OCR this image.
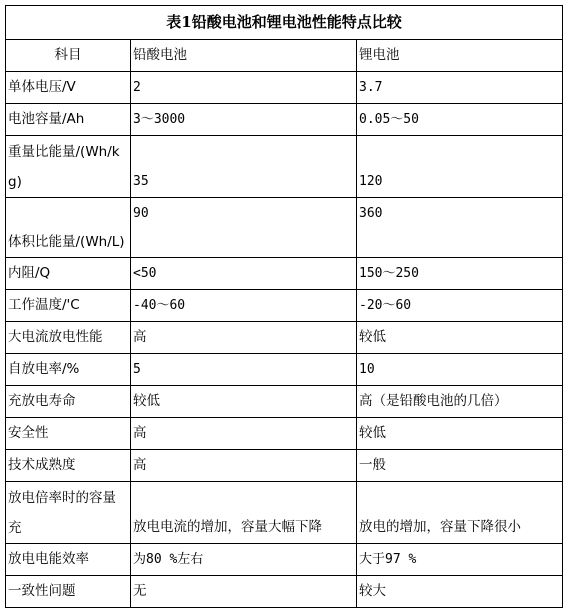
表1铅酸电池和锂电池性能特点比较		
科目	铅酸电池	锂电池
单体电压/V	2	3.7
电池容量/Ah	3〜3000	0.05〜50
重量比能量/(Wh/kg)	35	120
体积比能量/(Wh/L)	90	360
内阻/Q	<50	150〜250
工作温度/'C	-40〜60	-20〜60
大电流放电性能	高	较低
自放电率/%	5	10
充放电寿命	较低	高（是铅酸电池的几倍）
安全性	高	较低
技术成熟度	高	一般
放电倍率时的容量充	放电电流的增加，容量大幅下降	放电的增加，容量下降很小
放电电能效率	为80 %左右	大于97 %
一致性问题	无	较大
